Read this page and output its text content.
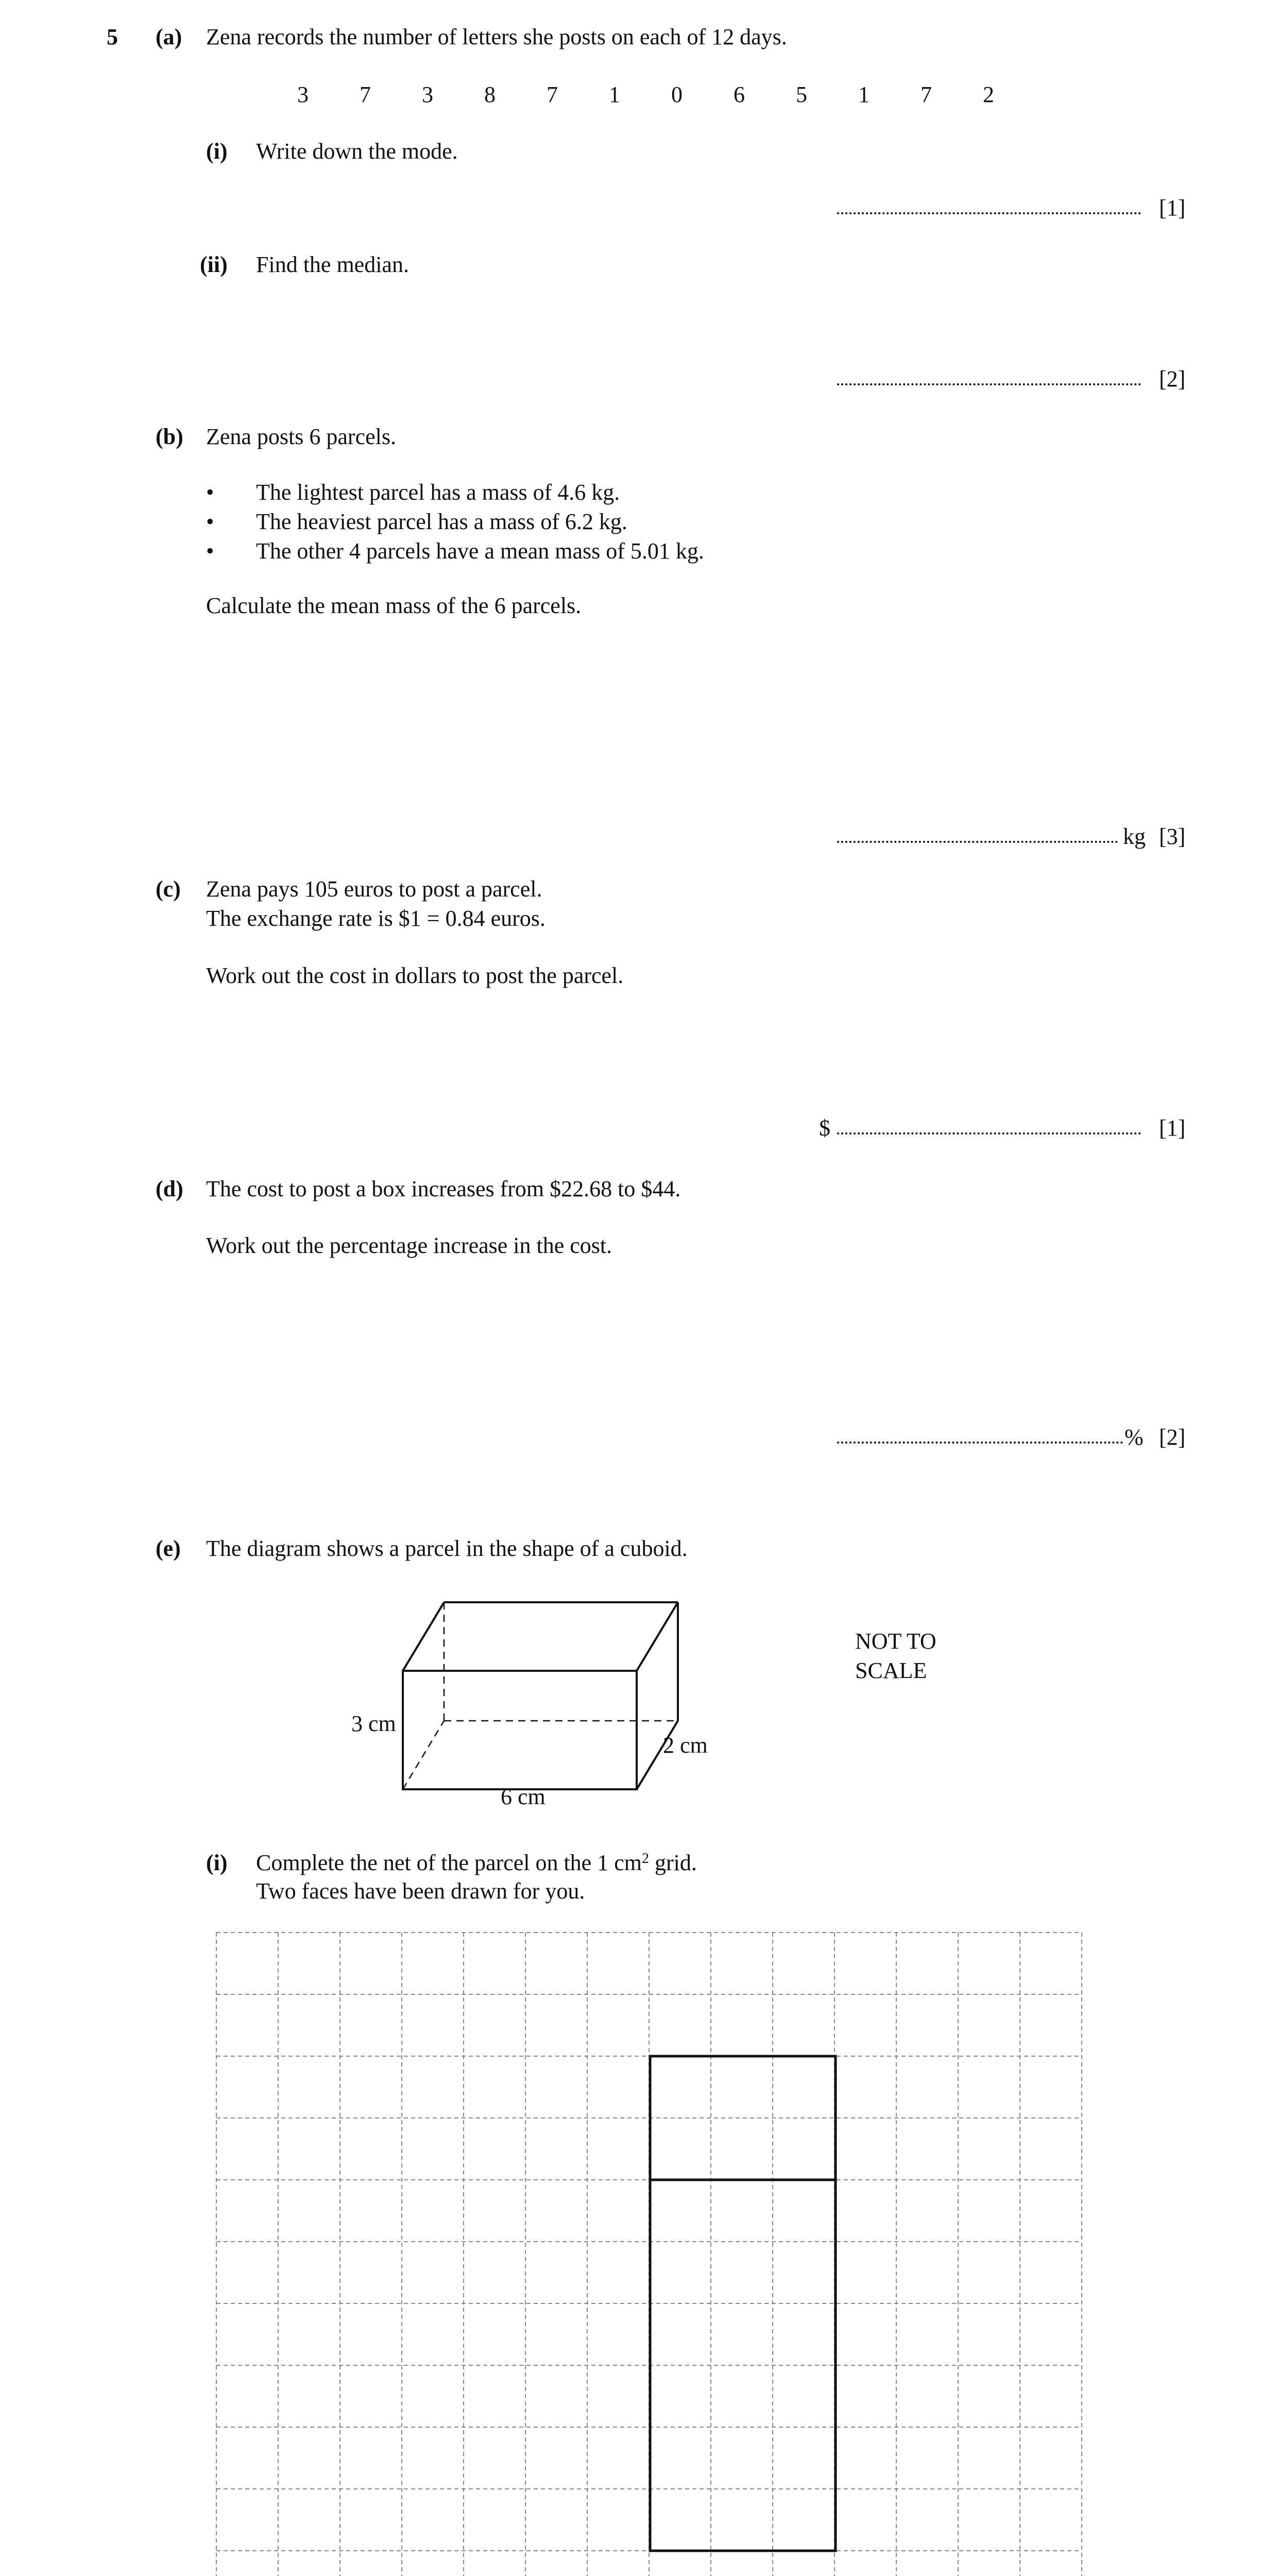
5 (a) Zena records the number of letters she posts on each of 12 days.
3	7	3	8	7	1	0	6	5	1	7	2
(i) Write down the mode.
[1]
(ii) Find the median.
[2]
(b) Zena posts 6 parcels.
• The lightest parcel has a mass of 4.6 kg.
• The heaviest parcel has a mass of 6.2 kg.
• The other 4 parcels have a mean mass of 5.01 kg.
Calculate the mean mass of the 6 parcels.
kg [3]
(c) Zena pays 105 euros to post a parcel.
The exchange rate is $1 = 0.84 euros.
Work out the cost in dollars to post the parcel.
$	[1]
(d) The cost to post a box increases from $22.68 to $44.
Work out the percentage increase in the cost.
% [2]
(e) The diagram shows a parcel in the shape of a cuboid.
3 cm
2 cm
6 cm
NOT TO
SCALE
(i) Complete the net of the parcel on the 1 $cm^2$ grid.
Two faces have been drawn for you.
